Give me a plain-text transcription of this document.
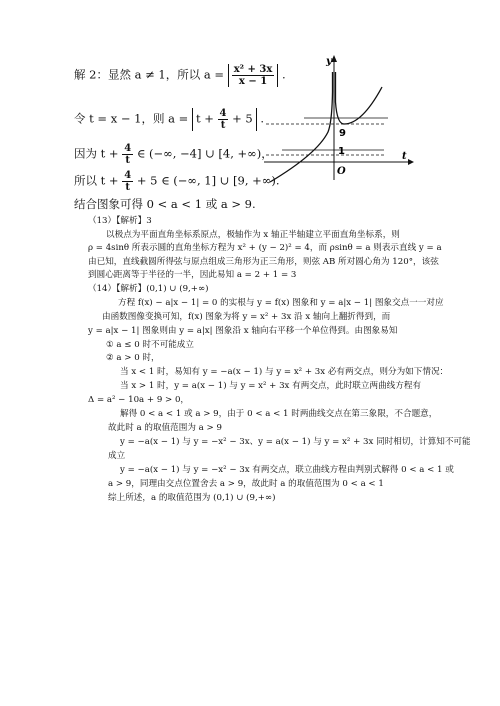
解 2：显然 a ≠ 1，所以 $a = \frac{\text{x² + 3x}}{x - 1}$ .
令 t = x − 1，则 $a = t + \frac{4}{t} + 5$ .
因为 $t + \frac{4}{t}$ ∈ (−∞, −4] ∪ [4, +∞)，
所以 $t + \frac{4}{t} + 5$ ∈ (−∞, 1] ∪ [9, +∞).
结合图象可得 0 < a < 1 或 a > 9.
y
t
9
1
O
（13）【解析】3
以极点为平面直角坐标系原点，极轴作为 x 轴正半轴建立平面直角坐标系，则
ρ = 4sinθ 所表示圆的直角坐标方程为 x² + (y − 2)² = 4，而 ρsinθ = a 则表示直线 y = a
由已知，直线截圆所得弦与原点组成三角形为正三角形，则弦 AB 所对圆心角为 120°，该弦
到圆心距离等于半径的一半，因此易知 a = 2 + 1 = 3
（14）【解析】(0,1) ∪ (9,+∞)
方程 f(x) − a|x − 1| = 0 的实根与 y = f(x) 图象和 y = a|x − 1| 图象交点一一对应
由函数图像变换可知，f(x) 图象为将 y = x² + 3x 沿 x 轴向上翻折得到，而
y = a|x − 1| 图象则由 y = a|x| 图象沿 x 轴向右平移一个单位得到。由图象易知
① a ≤ 0 时不可能成立
② a > 0 时，
当 x < 1 时，易知有 y = −a(x − 1) 与 y = x² + 3x 必有两交点，则分为如下情况：
当 x > 1 时，y = a(x − 1) 与 y = x² + 3x 有两交点，此时联立两曲线方程有
Δ = a² − 10a + 9 > 0，
解得 0 < a < 1 或 a > 9，由于 0 < a < 1 时两曲线交点在第三象限，不合题意，
故此时 a 的取值范围为 a > 9
y = −a(x − 1) 与 y = −x² − 3x、y = a(x − 1) 与 y = x² + 3x 同时相切，计算知不可能
成立
y = −a(x − 1) 与 y = −x² − 3x 有两交点，联立曲线方程由判别式解得 0 < a < 1 或
a > 9，同理由交点位置舍去 a > 9，故此时 a 的取值范围为 0 < a < 1
综上所述，a 的取值范围为 (0,1) ∪ (9,+∞)
